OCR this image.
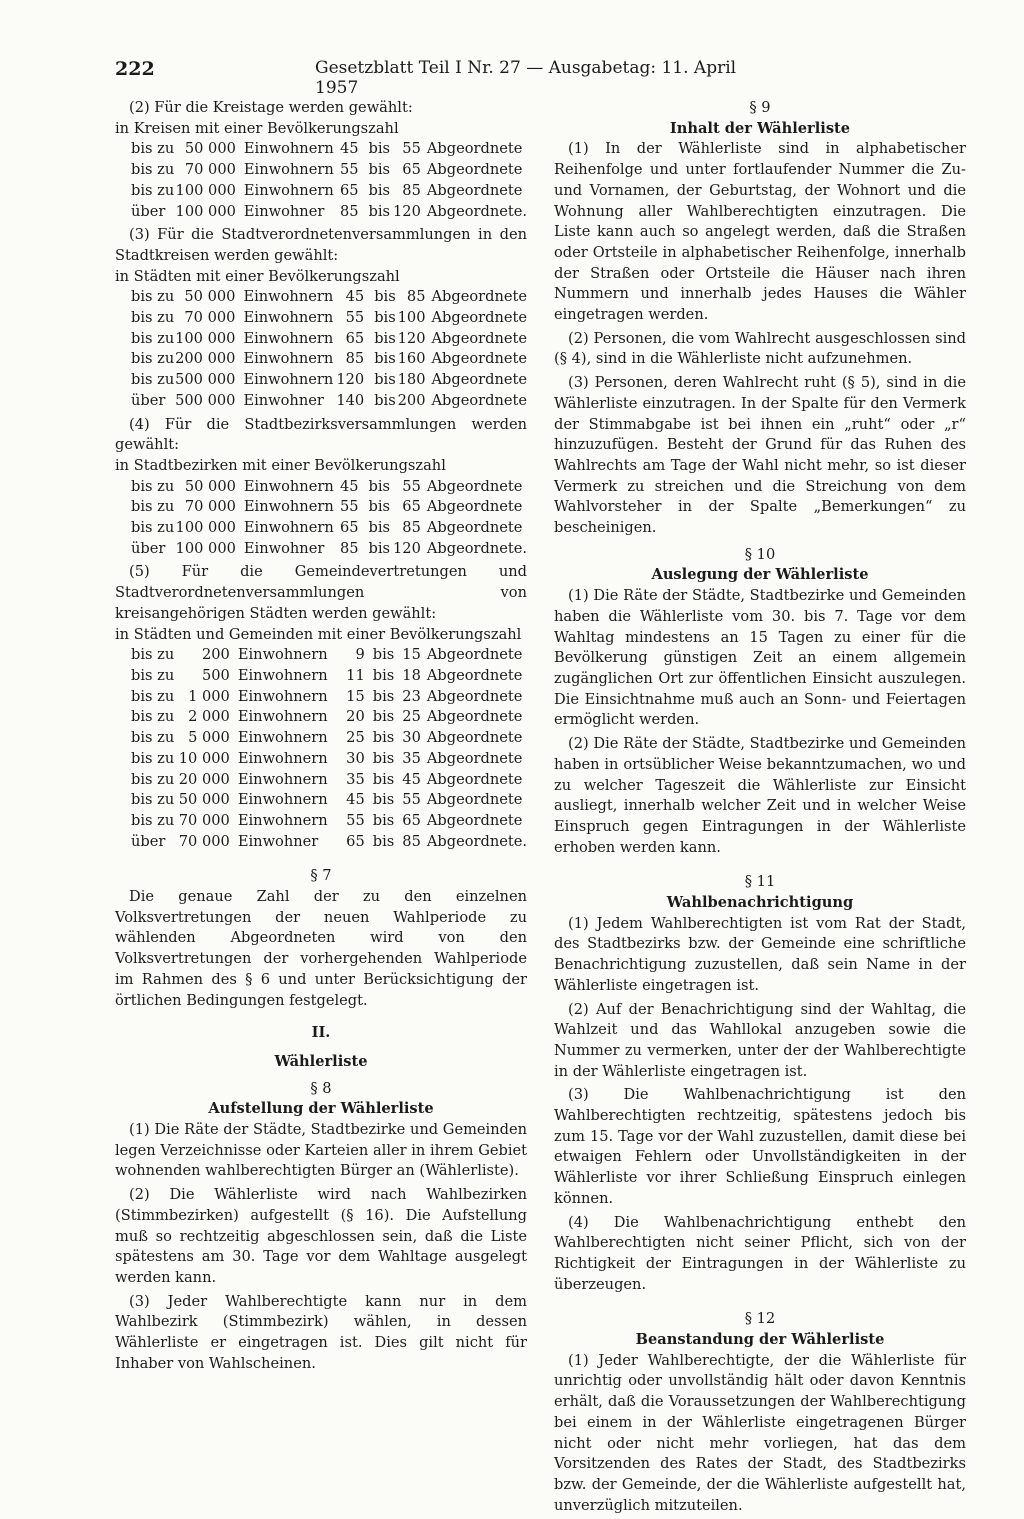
222	Gesetzblatt Teil I Nr. 27 — Ausgabetag: 11. April 1957

(2) Für die Kreistage werden gewählt:

in Kreisen mit einer Bevölkerungszahl

bis zu	50 000	Einwohnern	45	bis	55	Abgeordnete
bis zu	70 000	Einwohnern	55	bis	65	Abgeordnete
bis zu	100 000	Einwohnern	65	bis	85	Abgeordnete
über	100 000	Einwohner	85	bis	120	Abgeordnete.

(3) Für die Stadtverordnetenversammlungen in den Stadtkreisen werden gewählt:

in Städten mit einer Bevölkerungszahl

bis zu	50 000	Einwohnern	45	bis	85	Abgeordnete
bis zu	70 000	Einwohnern	55	bis	100	Abgeordnete
bis zu	100 000	Einwohnern	65	bis	120	Abgeordnete
bis zu	200 000	Einwohnern	85	bis	160	Abgeordnete
bis zu	500 000	Einwohnern	120	bis	180	Abgeordnete
über	500 000	Einwohner	140	bis	200	Abgeordnete

(4) Für die Stadtbezirksversammlungen werden gewählt:

in Stadtbezirken mit einer Bevölkerungszahl

bis zu	50 000	Einwohnern	45	bis	55	Abgeordnete
bis zu	70 000	Einwohnern	55	bis	65	Abgeordnete
bis zu	100 000	Einwohnern	65	bis	85	Abgeordnete
über	100 000	Einwohner	85	bis	120	Abgeordnete.

(5) Für die Gemeindevertretungen und Stadtverordnetenversammlungen von kreisangehörigen Städten werden gewählt:

in Städten und Gemeinden mit einer Bevölkerungszahl

bis zu	200	Einwohnern	9	bis	15	Abgeordnete
bis zu	500	Einwohnern	11	bis	18	Abgeordnete
bis zu	1 000	Einwohnern	15	bis	23	Abgeordnete
bis zu	2 000	Einwohnern	20	bis	25	Abgeordnete
bis zu	5 000	Einwohnern	25	bis	30	Abgeordnete
bis zu	10 000	Einwohnern	30	bis	35	Abgeordnete
bis zu	20 000	Einwohnern	35	bis	45	Abgeordnete
bis zu	50 000	Einwohnern	45	bis	55	Abgeordnete
bis zu	70 000	Einwohnern	55	bis	65	Abgeordnete
über	70 000	Einwohner	65	bis	85	Abgeordnete.

§ 7

Die genaue Zahl der zu den einzelnen Volksvertretungen der neuen Wahlperiode zu wählenden Abgeordneten wird von den Volksvertretungen der vorhergehenden Wahlperiode im Rahmen des § 6 und unter Berücksichtigung der örtlichen Bedingungen festgelegt.

II.

Wählerliste

§ 8

Aufstellung der Wählerliste

(1) Die Räte der Städte, Stadtbezirke und Gemeinden legen Verzeichnisse oder Karteien aller in ihrem Gebiet wohnenden wahlberechtigten Bürger an (Wählerliste).

(2) Die Wählerliste wird nach Wahlbezirken (Stimmbezirken) aufgestellt (§ 16). Die Aufstellung muß so rechtzeitig abgeschlossen sein, daß die Liste spätestens am 30. Tage vor dem Wahltage ausgelegt werden kann.

(3) Jeder Wahlberechtigte kann nur in dem Wahlbezirk (Stimmbezirk) wählen, in dessen Wählerliste er eingetragen ist. Dies gilt nicht für Inhaber von Wahlscheinen.

§ 9

Inhalt der Wählerliste

(1) In der Wählerliste sind in alphabetischer Reihenfolge und unter fortlaufender Nummer die Zu- und Vornamen, der Geburtstag, der Wohnort und die Wohnung aller Wahlberechtigten einzutragen. Die Liste kann auch so angelegt werden, daß die Straßen oder Ortsteile in alphabetischer Reihenfolge, innerhalb der Straßen oder Ortsteile die Häuser nach ihren Nummern und innerhalb jedes Hauses die Wähler eingetragen werden.

(2) Personen, die vom Wahlrecht ausgeschlossen sind (§ 4), sind in die Wählerliste nicht aufzunehmen.

(3) Personen, deren Wahlrecht ruht (§ 5), sind in die Wählerliste einzutragen. In der Spalte für den Vermerk der Stimmabgabe ist bei ihnen ein „ruht“ oder „r“ hinzuzufügen. Besteht der Grund für das Ruhen des Wahlrechts am Tage der Wahl nicht mehr, so ist dieser Vermerk zu streichen und die Streichung von dem Wahlvorsteher in der Spalte „Bemerkungen“ zu bescheinigen.

§ 10

Auslegung der Wählerliste

(1) Die Räte der Städte, Stadtbezirke und Gemeinden haben die Wählerliste vom 30. bis 7. Tage vor dem Wahltag mindestens an 15 Tagen zu einer für die Bevölkerung günstigen Zeit an einem allgemein zugänglichen Ort zur öffentlichen Einsicht auszulegen. Die Einsichtnahme muß auch an Sonn- und Feiertagen ermöglicht werden.

(2) Die Räte der Städte, Stadtbezirke und Gemeinden haben in ortsüblicher Weise bekanntzumachen, wo und zu welcher Tageszeit die Wählerliste zur Einsicht ausliegt, innerhalb welcher Zeit und in welcher Weise Einspruch gegen Eintragungen in der Wählerliste erhoben werden kann.

§ 11

Wahlbenachrichtigung

(1) Jedem Wahlberechtigten ist vom Rat der Stadt, des Stadtbezirks bzw. der Gemeinde eine schriftliche Benachrichtigung zuzustellen, daß sein Name in der Wählerliste eingetragen ist.

(2) Auf der Benachrichtigung sind der Wahltag, die Wahlzeit und das Wahllokal anzugeben sowie die Nummer zu vermerken, unter der der Wahlberechtigte in der Wählerliste eingetragen ist.

(3) Die Wahlbenachrichtigung ist den Wahlberechtigten rechtzeitig, spätestens jedoch bis zum 15. Tage vor der Wahl zuzustellen, damit diese bei etwaigen Fehlern oder Unvollständigkeiten in der Wählerliste vor ihrer Schließung Einspruch einlegen können.

(4) Die Wahlbenachrichtigung enthebt den Wahlberechtigten nicht seiner Pflicht, sich von der Richtigkeit der Eintragungen in der Wählerliste zu überzeugen.

§ 12

Beanstandung der Wählerliste

(1) Jeder Wahlberechtigte, der die Wählerliste für unrichtig oder unvollständig hält oder davon Kenntnis erhält, daß die Voraussetzungen der Wahlberechtigung bei einem in der Wählerliste eingetragenen Bürger nicht oder nicht mehr vorliegen, hat das dem Vorsitzenden des Rates der Stadt, des Stadtbezirks bzw. der Gemeinde, der die Wählerliste aufgestellt hat, unverzüglich mitzuteilen.
